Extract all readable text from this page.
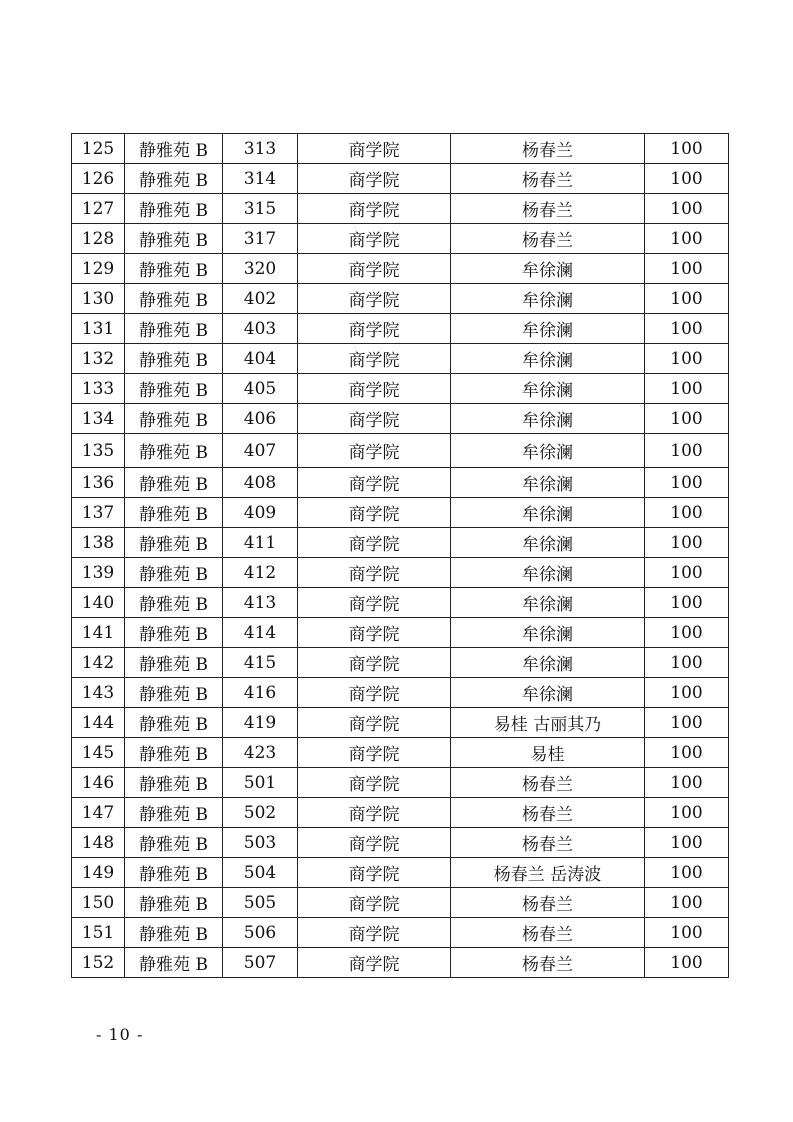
125	静雅苑 B	313	商学院	杨春兰	100
126	静雅苑 B	314	商学院	杨春兰	100
127	静雅苑 B	315	商学院	杨春兰	100
128	静雅苑 B	317	商学院	杨春兰	100
129	静雅苑 B	320	商学院	牟徐澜	100
130	静雅苑 B	402	商学院	牟徐澜	100
131	静雅苑 B	403	商学院	牟徐澜	100
132	静雅苑 B	404	商学院	牟徐澜	100
133	静雅苑 B	405	商学院	牟徐澜	100
134	静雅苑 B	406	商学院	牟徐澜	100
135	静雅苑 B	407	商学院	牟徐澜	100
136	静雅苑 B	408	商学院	牟徐澜	100
137	静雅苑 B	409	商学院	牟徐澜	100
138	静雅苑 B	411	商学院	牟徐澜	100
139	静雅苑 B	412	商学院	牟徐澜	100
140	静雅苑 B	413	商学院	牟徐澜	100
141	静雅苑 B	414	商学院	牟徐澜	100
142	静雅苑 B	415	商学院	牟徐澜	100
143	静雅苑 B	416	商学院	牟徐澜	100
144	静雅苑 B	419	商学院	易桂 古丽其乃	100
145	静雅苑 B	423	商学院	易桂	100
146	静雅苑 B	501	商学院	杨春兰	100
147	静雅苑 B	502	商学院	杨春兰	100
148	静雅苑 B	503	商学院	杨春兰	100
149	静雅苑 B	504	商学院	杨春兰 岳涛波	100
150	静雅苑 B	505	商学院	杨春兰	100
151	静雅苑 B	506	商学院	杨春兰	100
152	静雅苑 B	507	商学院	杨春兰	100
- 10 -
